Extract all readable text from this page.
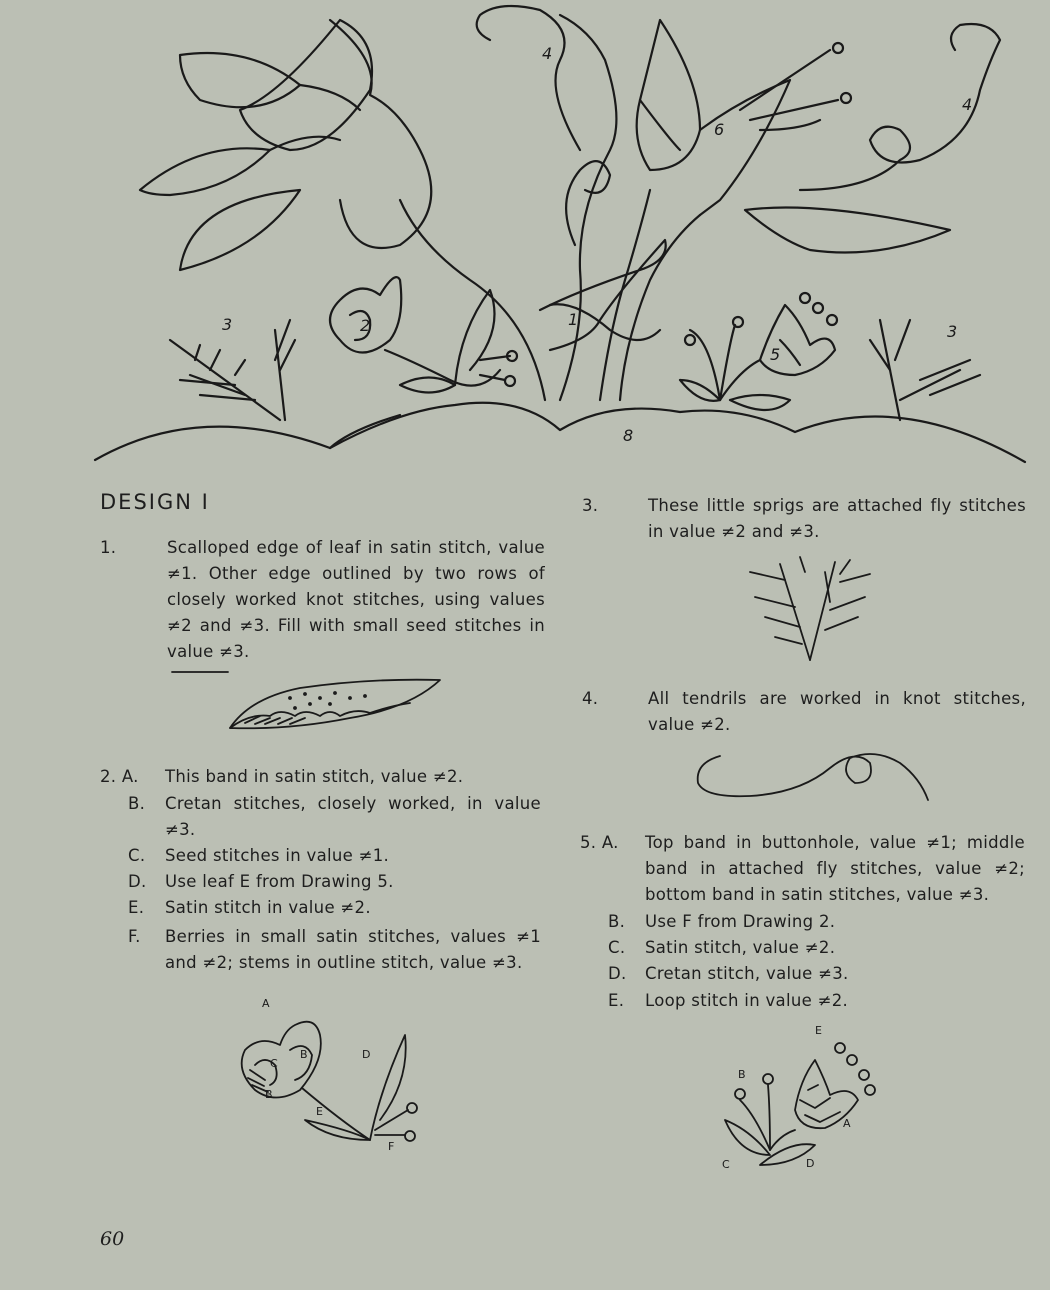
4
4
6
3	2	1
5
3
8
DESIGN I
1.	Scalloped edge of leaf in satin stitch, value ≠1. Other edge outlined by two rows of closely worked knot stitches, using values ≠2 and ≠3. Fill with small seed stitches in value ≠3.
2. A. This band in satin stitch, value ≠2.
B. Cretan stitches, closely worked, in value ≠3.
C. Seed stitches in value ≠1.
D. Use leaf E from Drawing 5.
E. Satin stitch in value ≠2.
F. Berries in small satin stitches, values ≠1 and ≠2; stems in outline stitch, value ≠3.
A
B
C
B
D
E
F
3.	These little sprigs are attached fly stitches in value ≠2 and ≠3.
4.	All tendrils are worked in knot stitches, value ≠2.
5. A. Top band in buttonhole, value ≠1; middle band in attached fly stitches, value ≠2; bottom band in satin stitches, value ≠3.
B. Use F from Drawing 2.
C. Satin stitch, value ≠2.
D. Cretan stitch, value ≠3.
E. Loop stitch in value ≠2.
E
B
A
C	D
60
